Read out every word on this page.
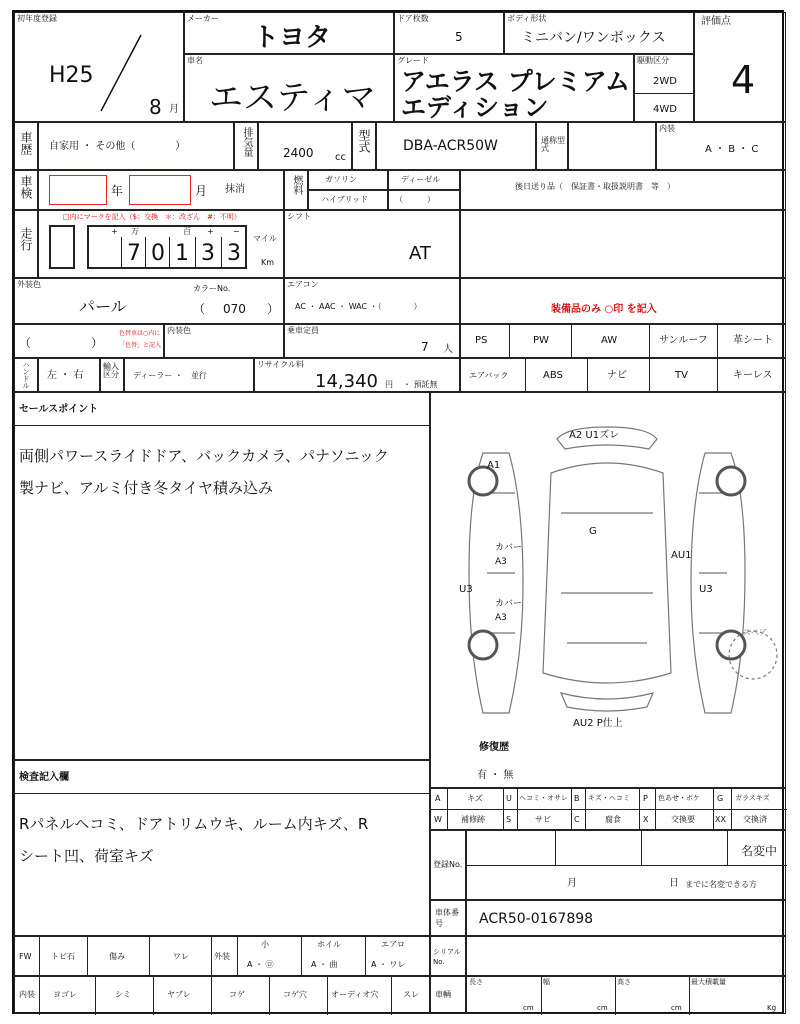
初年度登録
H25
8 月
メーカー
トヨタ
ドア枚数
5
ボディ形状
ミニバン/ワンボックス
評価点
4
車名
エスティマ
グレード
アエラス プレミアムエディション
駆動区分
2WD
4WD
車歴 自家用 ・ その他（　　　　）	排気量	2400 cc
型式 DBA-ACR50W	通称型式
内装
A ・ B ・ C
車検	年	月 抹消	燃料	ガソリン	ディーゼル
ハイブリッド	（　　　）
後日送り品（　保証書・取扱説明書　等　）
走行
□内にマークを記入（$：交換　＊：改ざん　#：不明）
+ 万	百 + −
7 0 1 3 3
マイル
Km
シフト
AT
外装色
パール
カラーNo.
（ 070 ）
エアコン
AC ・ AAC ・ WAC ・（　　　　）	装備品のみ ○印 を記入
（　　　　　）
色替車は○内に
「色替」と記入
内装色	乗車定員
7 人
PS	PW	AW	サンルーフ	革シート
ハンドル 左 ・ 右
輸入区分	ディーラー ・　並行
リサイクル料
14,340 円 ・ 預託無
エアバック	ABS	ナビ	TV	キーレス
セールスポイント
両側パワースライドドア、バックカメラ、パナソニック
製ナビ、アルミ付き冬タイヤ積み込み
検査記入欄
Rパネルヘコミ、ドアトリムウキ、ルーム内キズ、R
シート凹、荷室キズ
A2 U1ズレ
A1
G
カバー A3
AU1
U3	U3
カバー A3
AU2 P仕上
スペア
修復歴
有 ・ 無
A	キズ	U ヘコミ・オサレ B キズ・ヘコミ P 色あせ・ボケ G ガラスキズ
W 補修跡	S	サビ	C	腐食	X	交換要	XX 交換済
登録No.
名変中
月	日 までに名変できる方
車体番号	ACR50-0167898
FW トビ石	傷み	ワレ	外装
小	ホイル	エアロ
A ・ ㋺	A ・ 曲	A ・ ワレ
シリアルNo.
内装 ヨゴレ	シミ	ヤブレ	コゲ	コゲ穴	オーディオ穴	スレ 車輌
長さ
cm
幅
cm
高さ
cm
最大積載量
Kg
